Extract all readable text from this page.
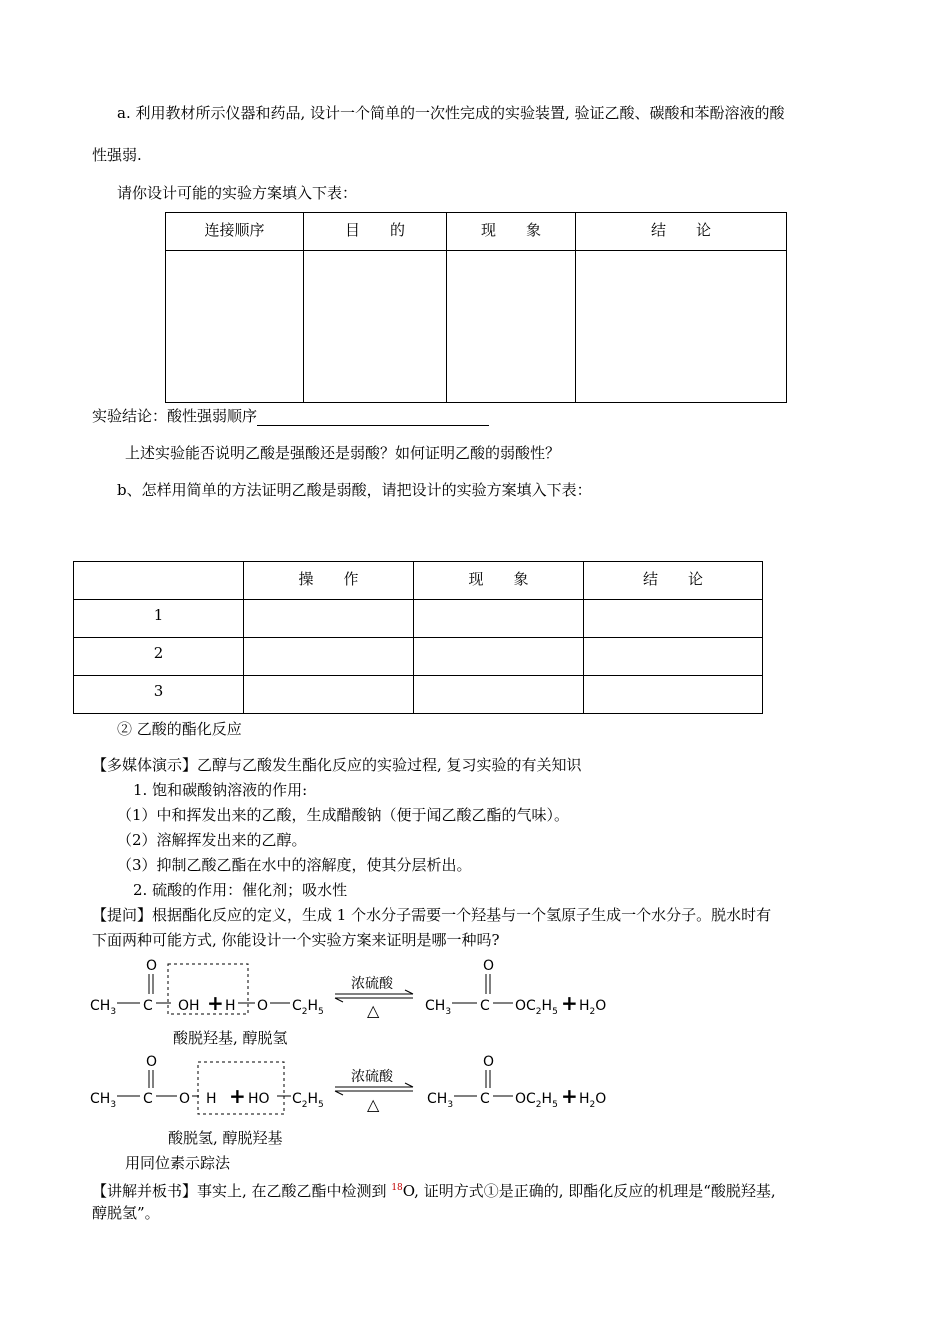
a. 利用教材所示仪器和药品, 设计一个简单的一次性完成的实验装置, 验证乙酸、碳酸和苯酚溶液的酸
性强弱.
请你设计可能的实验方案填入下表：
连接顺序	目　　的	现　　象	结　　论

实验结论：酸性强弱顺序
上述实验能否说明乙酸是强酸还是弱酸？如何证明乙酸的弱酸性？
b、怎样用简单的方法证明乙酸是弱酸，请把设计的实验方案填入下表：
	操　　作	现　　象	结　　论
1			
2			
3			
② 乙酸的酯化反应
【多媒体演示】乙醇与乙酸发生酯化反应的实验过程, 复习实验的有关知识
1. 饱和碳酸钠溶液的作用:
（1）中和挥发出来的乙酸，生成醋酸钠（便于闻乙酸乙酯的气味）。
（2）溶解挥发出来的乙醇。
（3）抑制乙酸乙酯在水中的溶解度，使其分层析出。
2. 硫酸的作用：催化剂；吸水性
【提问】根据酯化反应的定义，生成 1 个水分子需要一个羟基与一个氢原子生成一个水分子。脱水时有
下面两种可能方式, 你能设计一个实验方案来证明是哪一种吗?
$CH_3$ C
O
OH + H O $C_2H_5$
浓硫酸
△	$CH_3$ C
O
$OC_2H_5 + H_2O$
酸脱羟基, 醇脱氢
$CH_3$ C
O
O H + HO $C_2H_5$
浓硫酸
△	$CH_3$ C
O
$OC_2H_5 + H_2O$
酸脱氢, 醇脱羟基
用同位素示踪法
【讲解并板书】事实上, 在乙酸乙酯中检测到 $^{18}$O, 证明方式①是正确的, 即酯化反应的机理是“酸脱羟基,
醇脱氢”。
